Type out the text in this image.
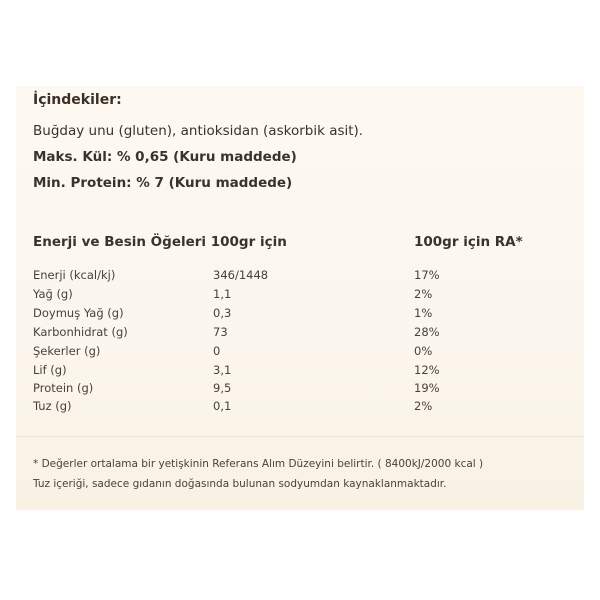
İçindekiler:
Buğday unu (gluten), antioksidan (askorbik asit).
Maks. Kül: % 0,65 (Kuru maddede)
Min. Protein: % 7 (Kuru maddede)
Enerji ve Besin Öğeleri 100gr için	100gr için RA*
Enerji (kcal/kj)	346/1448	17%
Yağ (g)	1,1	2%
Doymuş Yağ (g)	0,3	1%
Karbonhidrat (g)	73	28%
Şekerler (g)	0	0%
Lif (g)	3,1	12%
Protein (g)	9,5	19%
Tuz (g)	0,1	2%
* Değerler ortalama bir yetişkinin Referans Alım Düzeyini belirtir. ( 8400kJ/2000 kcal )
Tuz içeriği, sadece gıdanın doğasında bulunan sodyumdan kaynaklanmaktadır.
